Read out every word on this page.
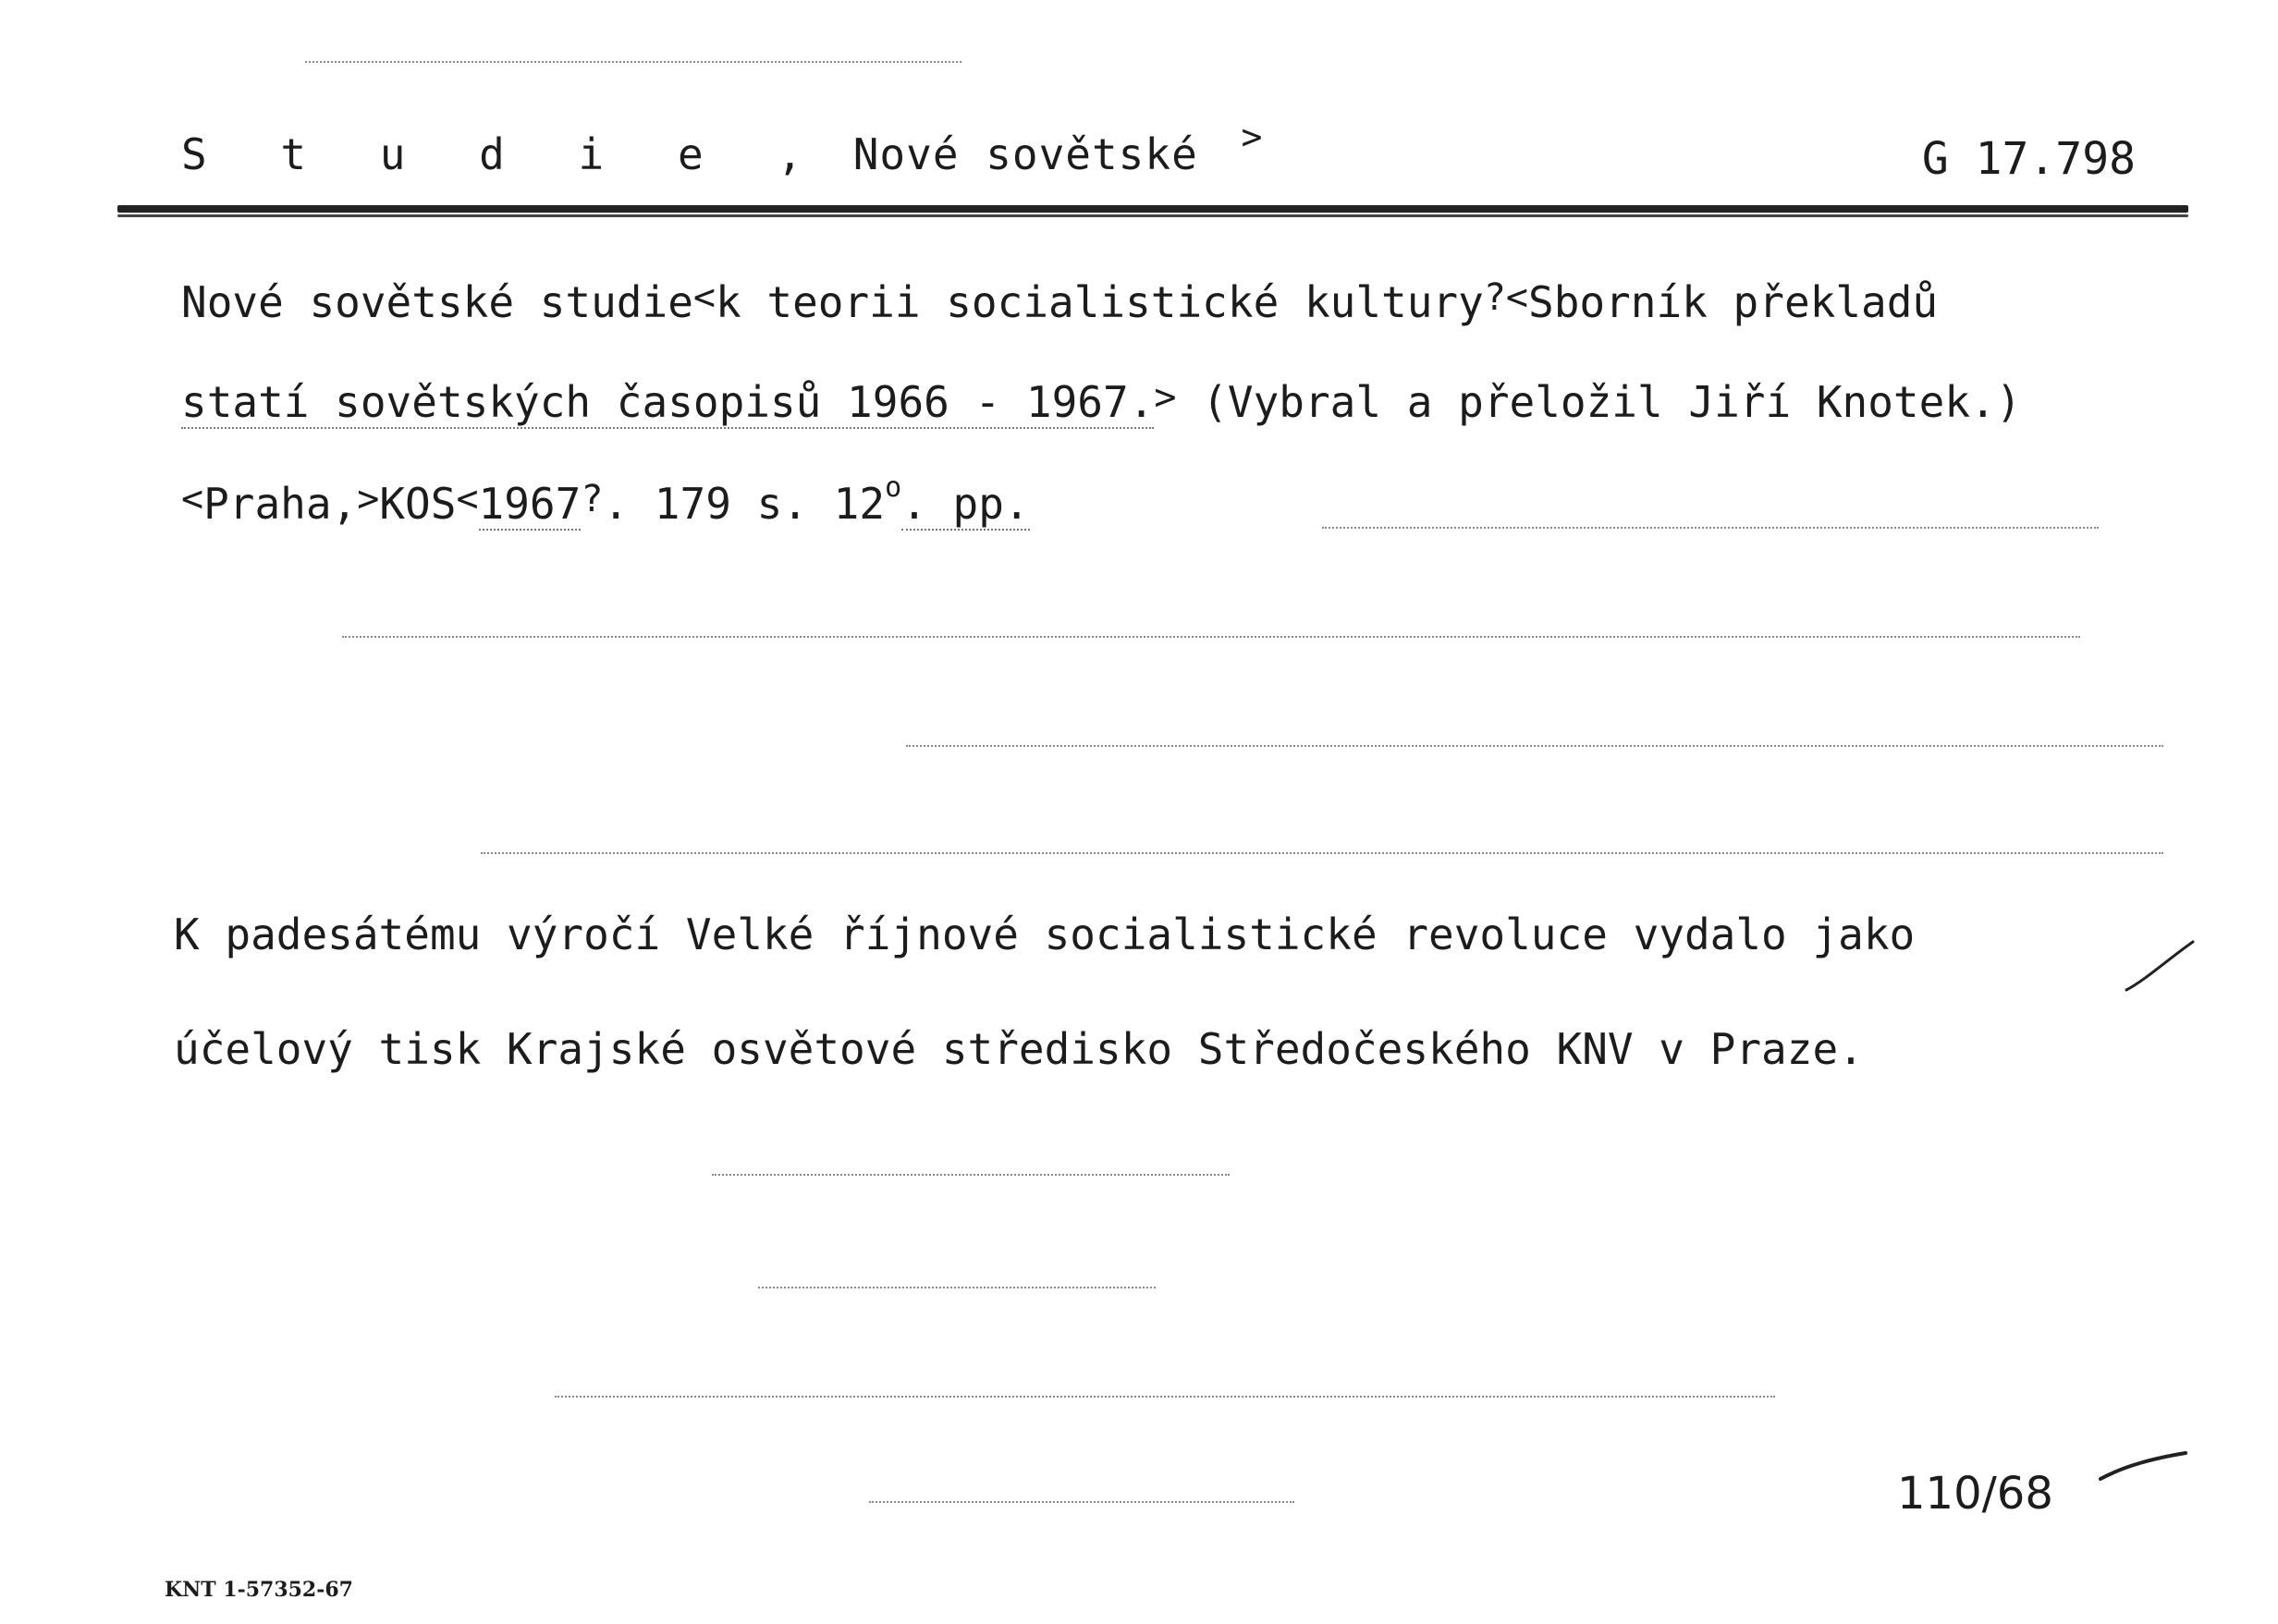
S t u d i e , Nové sovětské >	G 17.798
Nové sovětské studie<k teorii socialistické kultury?<Sborník překladů
statí sovětských časopisů 1966 - 1967.> (Vybral a přeložil Jiří Knotek.)
<Praha,>KOS<1967?. 179 s. 12$^o$. pp.
K padesátému výročí Velké říjnové socialistické revoluce vydalo jako
účelový tisk Krajské osvětové středisko Středočeského KNV v Praze.
110/68
KNT 1-57352-67
